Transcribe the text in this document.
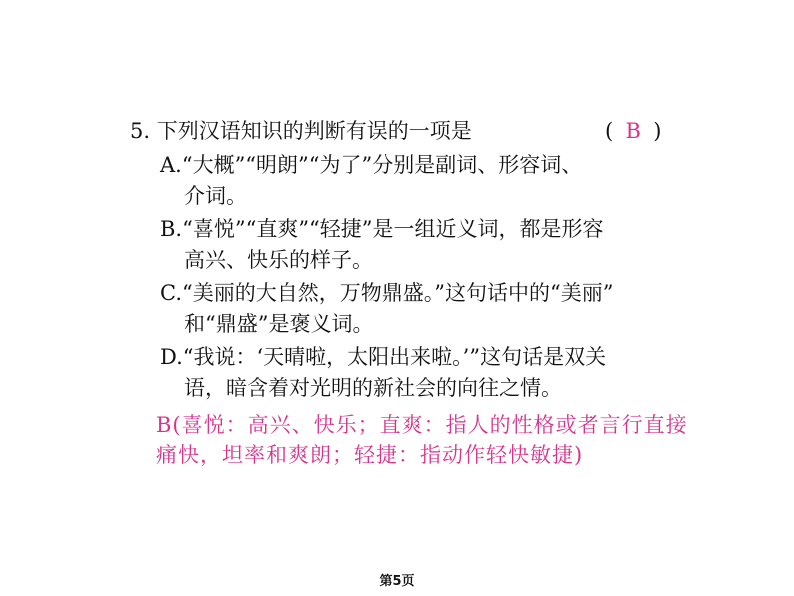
5. 下列汉语知识的判断有误的一项是	( B )
A.“大概”“明朗”“为了”分别是副词、形容词、
介词。
B.“喜悦”“直爽”“轻捷”是一组近义词，都是形容
高兴、快乐的样子。
C.“美丽的大自然，万物鼎盛。”这句话中的“美丽”
和“鼎盛”是褒义词。
D.“我说：‘天晴啦，太阳出来啦。’”这句话是双关
语，暗含着对光明的新社会的向往之情。
B(喜悦：高兴、快乐；直爽：指人的性格或者言行直接痛快，坦率和爽朗；轻捷：指动作轻快敏捷)
第5页
